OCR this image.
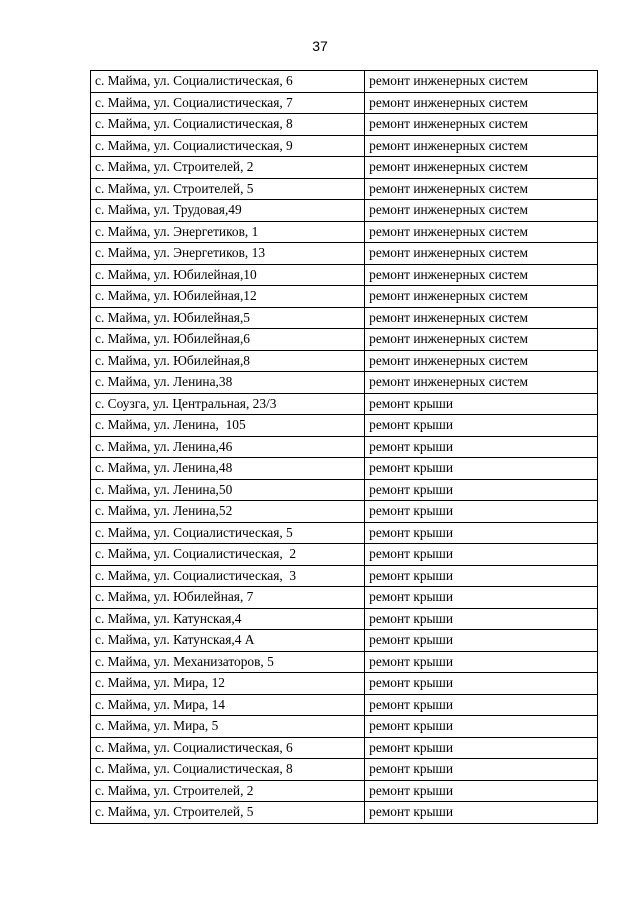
37
с. Майма, ул. Социалистическая, 6	ремонт инженерных систем
с. Майма, ул. Социалистическая, 7	ремонт инженерных систем
с. Майма, ул. Социалистическая, 8	ремонт инженерных систем
с. Майма, ул. Социалистическая, 9	ремонт инженерных систем
с. Майма, ул. Строителей, 2	ремонт инженерных систем
с. Майма, ул. Строителей, 5	ремонт инженерных систем
с. Майма, ул. Трудовая,49	ремонт инженерных систем
с. Майма, ул. Энергетиков, 1	ремонт инженерных систем
с. Майма, ул. Энергетиков, 13	ремонт инженерных систем
с. Майма, ул. Юбилейная,10	ремонт инженерных систем
с. Майма, ул. Юбилейная,12	ремонт инженерных систем
с. Майма, ул. Юбилейная,5	ремонт инженерных систем
с. Майма, ул. Юбилейная,6	ремонт инженерных систем
с. Майма, ул. Юбилейная,8	ремонт инженерных систем
с. Майма, ул. Ленина,38	ремонт инженерных систем
с. Соузга, ул. Центральная, 23/3	ремонт крыши
с. Майма, ул. Ленина,  105	ремонт крыши
с. Майма, ул. Ленина,46	ремонт крыши
с. Майма, ул. Ленина,48	ремонт крыши
с. Майма, ул. Ленина,50	ремонт крыши
с. Майма, ул. Ленина,52	ремонт крыши
с. Майма, ул. Социалистическая, 5	ремонт крыши
с. Майма, ул. Социалистическая,  2	ремонт крыши
с. Майма, ул. Социалистическая,  3	ремонт крыши
с. Майма, ул. Юбилейная, 7	ремонт крыши
с. Майма, ул. Катунская,4	ремонт крыши
с. Майма, ул. Катунская,4 А	ремонт крыши
с. Майма, ул. Механизаторов, 5	ремонт крыши
с. Майма, ул. Мира, 12	ремонт крыши
с. Майма, ул. Мира, 14	ремонт крыши
с. Майма, ул. Мира, 5	ремонт крыши
с. Майма, ул. Социалистическая, 6	ремонт крыши
с. Майма, ул. Социалистическая, 8	ремонт крыши
с. Майма, ул. Строителей, 2	ремонт крыши
с. Майма, ул. Строителей, 5	ремонт крыши
